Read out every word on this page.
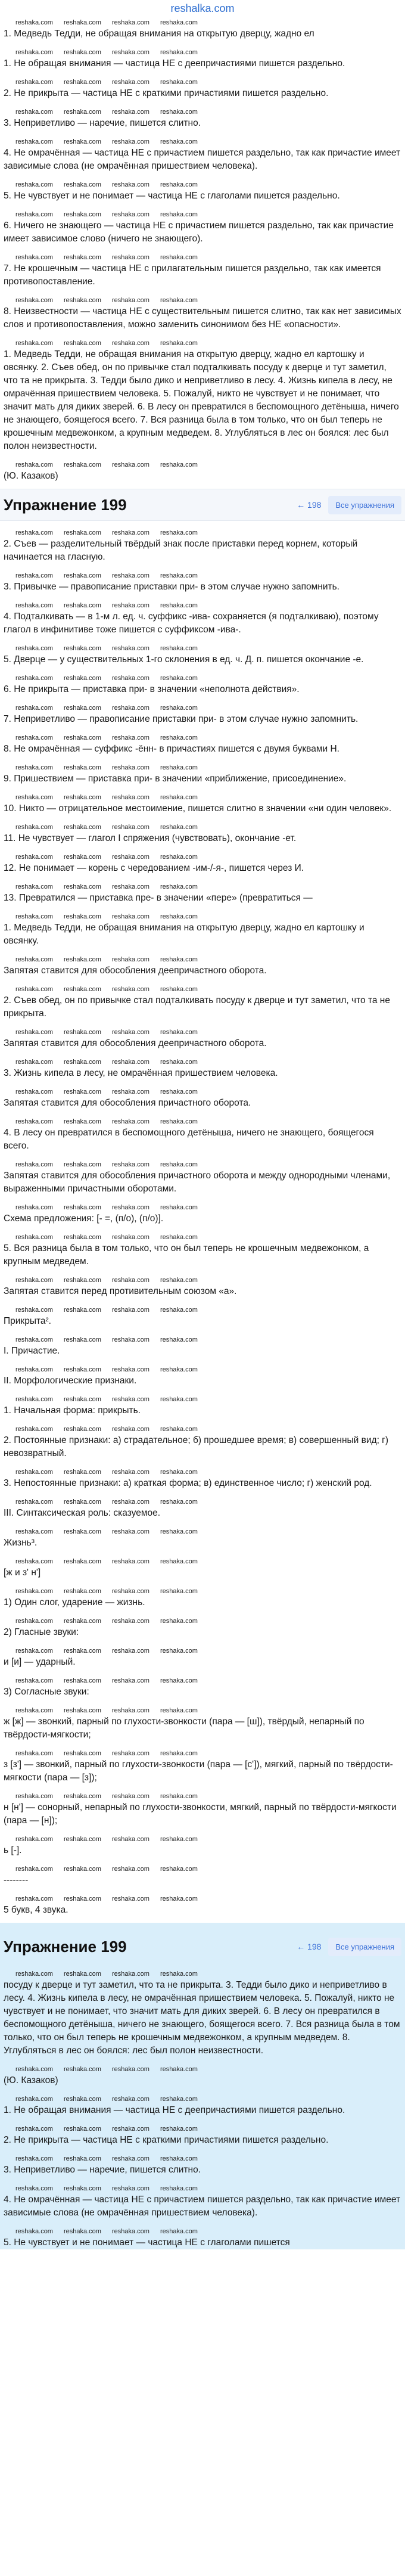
reshalka.com
reshaka.com reshaka.com reshaka.com reshaka.com

1. Медведь Тедди, не обращая внимания на открытую дверцу, жадно ел

reshaka.com reshaka.com reshaka.com reshaka.com

1. Не обращая внимания — частица НЕ с деепричастиями пишется раздельно.

reshaka.com reshaka.com reshaka.com reshaka.com

2. Не прикрыта — частица НЕ с краткими причастиями пишется раздельно.

reshaka.com reshaka.com reshaka.com reshaka.com

3. Неприветливо — наречие, пишется слитно.

reshaka.com reshaka.com reshaka.com reshaka.com

4. Не омрачённая — частица НЕ с причастием пишется раздельно, так как причастие имеет зависимые слова (не омрачённая пришествием человека).

reshaka.com reshaka.com reshaka.com reshaka.com

5. Не чувствует и не понимает — частица НЕ с глаголами пишется раздельно.

reshaka.com reshaka.com reshaka.com reshaka.com

6. Ничего не знающего — частица НЕ с причастием пишется раздельно, так как причастие имеет зависимое слово (ничего не знающего).

reshaka.com reshaka.com reshaka.com reshaka.com

7. Не крошечным — частица НЕ с прилагательным пишется раздельно, так как имеется противопоставление.

reshaka.com reshaka.com reshaka.com reshaka.com

8. Неизвестности — частица НЕ с существительным пишется слитно, так как нет зависимых слов и противопоставления, можно заменить синонимом без НЕ «опасности».

reshaka.com reshaka.com reshaka.com reshaka.com

1. Медведь Тедди, не обращая внимания на открытую дверцу, жадно ел картошку и овсянку. 2. Съев обед, он по привычке стал подталкивать посуду к дверце и тут заметил, что та не прикрыта. 3. Тедди было дико и неприветливо в лесу. 4. Жизнь кипела в лесу, не омрачённая пришествием человека. 5. Пожалуй, никто не чувствует и не понимает, что значит мать для диких зверей. 6. В лесу он превратился в беспомощного детёныша, ничего не знающего, боящегося всего. 7. Вся разница была в том только, что он был теперь не крошечным медвежонком, а крупным медведем. 8. Углубляться в лес он боялся: лес был полон неизвестности.

reshaka.com reshaka.com reshaka.com reshaka.com

(Ю. Казаков)

Упражнение 199	← 198	Все упражнения
reshaka.com reshaka.com reshaka.com reshaka.com

2. Съев — разделительный твёрдый знак после приставки перед корнем, который начинается на гласную.

reshaka.com reshaka.com reshaka.com reshaka.com

3. Привычке — правописание приставки при- в этом случае нужно запомнить.

reshaka.com reshaka.com reshaka.com reshaka.com

4. Подталкивать — в 1-м л. ед. ч. суффикс -ива- сохраняется (я подталкиваю), поэтому глагол в инфинитиве тоже пишется с суффиксом -ива-.

reshaka.com reshaka.com reshaka.com reshaka.com

5. Дверце — у существительных 1-го склонения в ед. ч. Д. п. пишется окончание -е.

reshaka.com reshaka.com reshaka.com reshaka.com

6. Не прикрыта — приставка при- в значении «неполнота действия».

reshaka.com reshaka.com reshaka.com reshaka.com

7. Неприветливо — правописание приставки при- в этом случае нужно запомнить.

reshaka.com reshaka.com reshaka.com reshaka.com

8. Не омрачённая — суффикс -ённ- в причастиях пишется с двумя буквами Н.

reshaka.com reshaka.com reshaka.com reshaka.com

9. Пришествием — приставка при- в значении «приближение, присоединение».

reshaka.com reshaka.com reshaka.com reshaka.com

10. Никто — отрицательное местоимение, пишется слитно в значении «ни один человек».

reshaka.com reshaka.com reshaka.com reshaka.com

11. Не чувствует — глагол I спряжения (чувствовать), окончание -ет.

reshaka.com reshaka.com reshaka.com reshaka.com

12. Не понимает — корень с чередованием -им-/-я-, пишется через И.

reshaka.com reshaka.com reshaka.com reshaka.com

13. Превратился — приставка пре- в значении «пере» (превратиться —

reshaka.com reshaka.com reshaka.com reshaka.com

1. Медведь Тедди, не обращая внимания на открытую дверцу, жадно ел картошку и овсянку.

reshaka.com reshaka.com reshaka.com reshaka.com

Запятая ставится для обособления деепричастного оборота.

reshaka.com reshaka.com reshaka.com reshaka.com

2. Съев обед, он по привычке стал подталкивать посуду к дверце и тут заметил, что та не прикрыта.

reshaka.com reshaka.com reshaka.com reshaka.com

Запятая ставится для обособления деепричастного оборота.

reshaka.com reshaka.com reshaka.com reshaka.com

3. Жизнь кипела в лесу, не омрачённая пришествием человека.

reshaka.com reshaka.com reshaka.com reshaka.com

Запятая ставится для обособления причастного оборота.

reshaka.com reshaka.com reshaka.com reshaka.com

4. В лесу он превратился в беспомощного детёныша, ничего не знающего, боящегося всего.

reshaka.com reshaka.com reshaka.com reshaka.com

Запятая ставится для обособления причастного оборота и между однородными членами, выраженными причастными оборотами.

reshaka.com reshaka.com reshaka.com reshaka.com

Схема предложения: [- =, (п/о), (п/о)].

reshaka.com reshaka.com reshaka.com reshaka.com

5. Вся разница была в том только, что он был теперь не крошечным медвежонком, а крупным медведем.

reshaka.com reshaka.com reshaka.com reshaka.com

Запятая ставится перед противительным союзом «а».

reshaka.com reshaka.com reshaka.com reshaka.com

Прикрыта².

reshaka.com reshaka.com reshaka.com reshaka.com

I. Причастие.

reshaka.com reshaka.com reshaka.com reshaka.com

II. Морфологические признаки.

reshaka.com reshaka.com reshaka.com reshaka.com

1. Начальная форма: прикрыть.

reshaka.com reshaka.com reshaka.com reshaka.com

2. Постоянные признаки: а) страдательное; б) прошедшее время; в) совершенный вид; г) невозвратный.

reshaka.com reshaka.com reshaka.com reshaka.com

3. Непостоянные признаки: а) краткая форма; в) единственное число; г) женский род.

reshaka.com reshaka.com reshaka.com reshaka.com

III. Синтаксическая роль: сказуемое.

reshaka.com reshaka.com reshaka.com reshaka.com

Жизнь³.

reshaka.com reshaka.com reshaka.com reshaka.com

[ж и з' н']

reshaka.com reshaka.com reshaka.com reshaka.com

1) Один слог, ударение — жизнь.

reshaka.com reshaka.com reshaka.com reshaka.com

2) Гласные звуки:

reshaka.com reshaka.com reshaka.com reshaka.com

и [и] — ударный.

reshaka.com reshaka.com reshaka.com reshaka.com

3) Согласные звуки:

reshaka.com reshaka.com reshaka.com reshaka.com

ж [ж] — звонкий, парный по глухости-звонкости (пара — [ш]), твёрдый, непарный по твёрдости-мягкости;

reshaka.com reshaka.com reshaka.com reshaka.com

з [з'] — звонкий, парный по глухости-звонкости (пара — [с']), мягкий, парный по твёрдости-мягкости (пара — [з]);

reshaka.com reshaka.com reshaka.com reshaka.com

н [н'] — сонорный, непарный по глухости-звонкости, мягкий, парный по твёрдости-мягкости (пара — [н]);

reshaka.com reshaka.com reshaka.com reshaka.com

ь [-].

reshaka.com reshaka.com reshaka.com reshaka.com

--------

reshaka.com reshaka.com reshaka.com reshaka.com

5 букв, 4 звука.

Упражнение 199	← 198	Все упражнения
reshaka.com reshaka.com reshaka.com reshaka.com

посуду к дверце и тут заметил, что та не прикрыта. 3. Тедди было дико и неприветливо в лесу. 4. Жизнь кипела в лесу, не омрачённая пришествием человека. 5. Пожалуй, никто не чувствует и не понимает, что значит мать для диких зверей. 6. В лесу он превратился в беспомощного детёныша, ничего не знающего, боящегося всего. 7. Вся разница была в том только, что он был теперь не крошечным медвежонком, а крупным медведем. 8. Углубляться в лес он боялся: лес был полон неизвестности.

reshaka.com reshaka.com reshaka.com reshaka.com

(Ю. Казаков)

reshaka.com reshaka.com reshaka.com reshaka.com

1. Не обращая внимания — частица НЕ с деепричастиями пишется раздельно.

reshaka.com reshaka.com reshaka.com reshaka.com

2. Не прикрыта — частица НЕ с краткими причастиями пишется раздельно.

reshaka.com reshaka.com reshaka.com reshaka.com

3. Неприветливо — наречие, пишется слитно.

reshaka.com reshaka.com reshaka.com reshaka.com

4. Не омрачённая — частица НЕ с причастием пишется раздельно, так как причастие имеет зависимые слова (не омрачённая пришествием человека).

reshaka.com reshaka.com reshaka.com reshaka.com

5. Не чувствует и не понимает — частица НЕ с глаголами пишется
